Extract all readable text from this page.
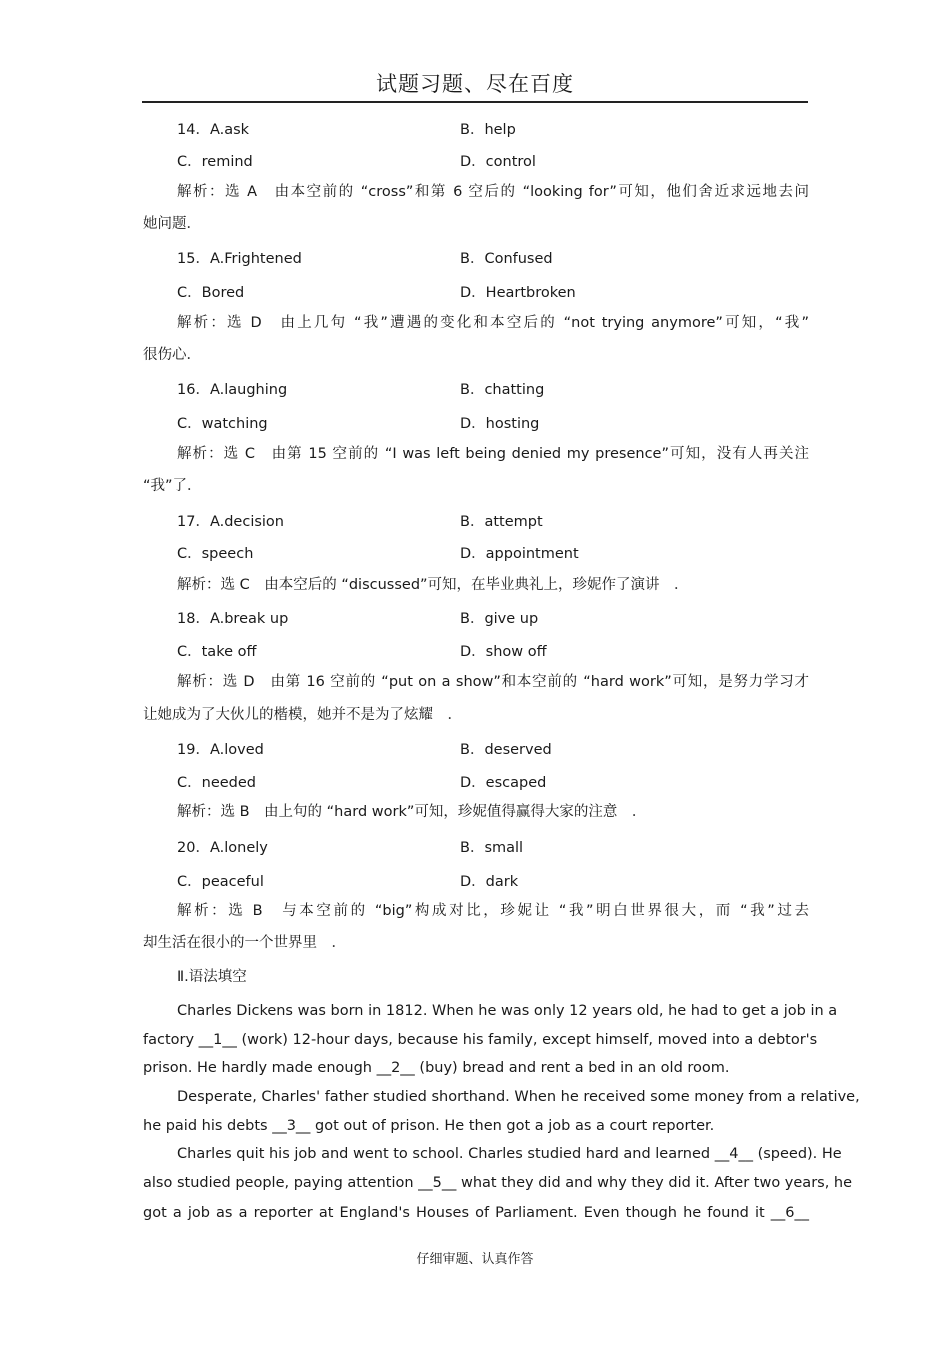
试题习题、尽在百度
14．A.ask	B．help
C．remind	D．control
解析：选 A　由本空前的 “cross”和第 6 空后的 “looking for”可知，他们舍近求远地去问
她问题．
15．A.Frightened	B．Confused
C．Bored	D．Heartbroken
解析：选 D　由上几句 “我”遭遇的变化和本空后的 “not trying anymore”可知，“我”
很伤心．
16．A.laughing	B．chatting
C．watching	D．hosting
解析：选 C　由第 15 空前的 “I was left being denied my presence”可知，没有人再关注
“我”了．
17．A.decision	B．attempt
C．speech	D．appointment
解析：选 C　由本空后的 “discussed”可知，在毕业典礼上，珍妮作了演讲　．
18．A.break up	B．give up
C．take off	D．show off
解析：选 D　由第 16 空前的 “put on a show”和本空前的 “hard work”可知，是努力学习才
让她成为了大伙儿的楷模，她并不是为了炫耀　．
19．A.loved	B．deserved
C．needed	D．escaped
解析：选 B　由上句的 “hard work”可知，珍妮值得赢得大家的注意　．
20．A.lonely	B．small
C．peaceful	D．dark
解析：选 B　与本空前的 “big”构成对比，珍妮让 “我”明白世界很大，而 “我”过去
却生活在很小的一个世界里　．
Ⅱ.语法填空
Charles Dickens was born in 1812. When he was only 12 years old, he had to get a job in a
factory __1__ (work) 12-hour days, because his family, except himself, moved into a debtor's
prison. He hardly made enough __2__ (buy) bread and rent a bed in an old room.
Desperate, Charles' father studied shorthand. When he received some money from a relative,
he paid his debts __3__ got out of prison. He then got a job as a court reporter.
Charles quit his job and went to school. Charles studied hard and learned __4__ (speed). He
also studied people, paying attention __5__ what they did and why they did it. After two years, he
got a job as a reporter at England's Houses of Parliament. Even though he found it __6__
仔细审题、认真作答
